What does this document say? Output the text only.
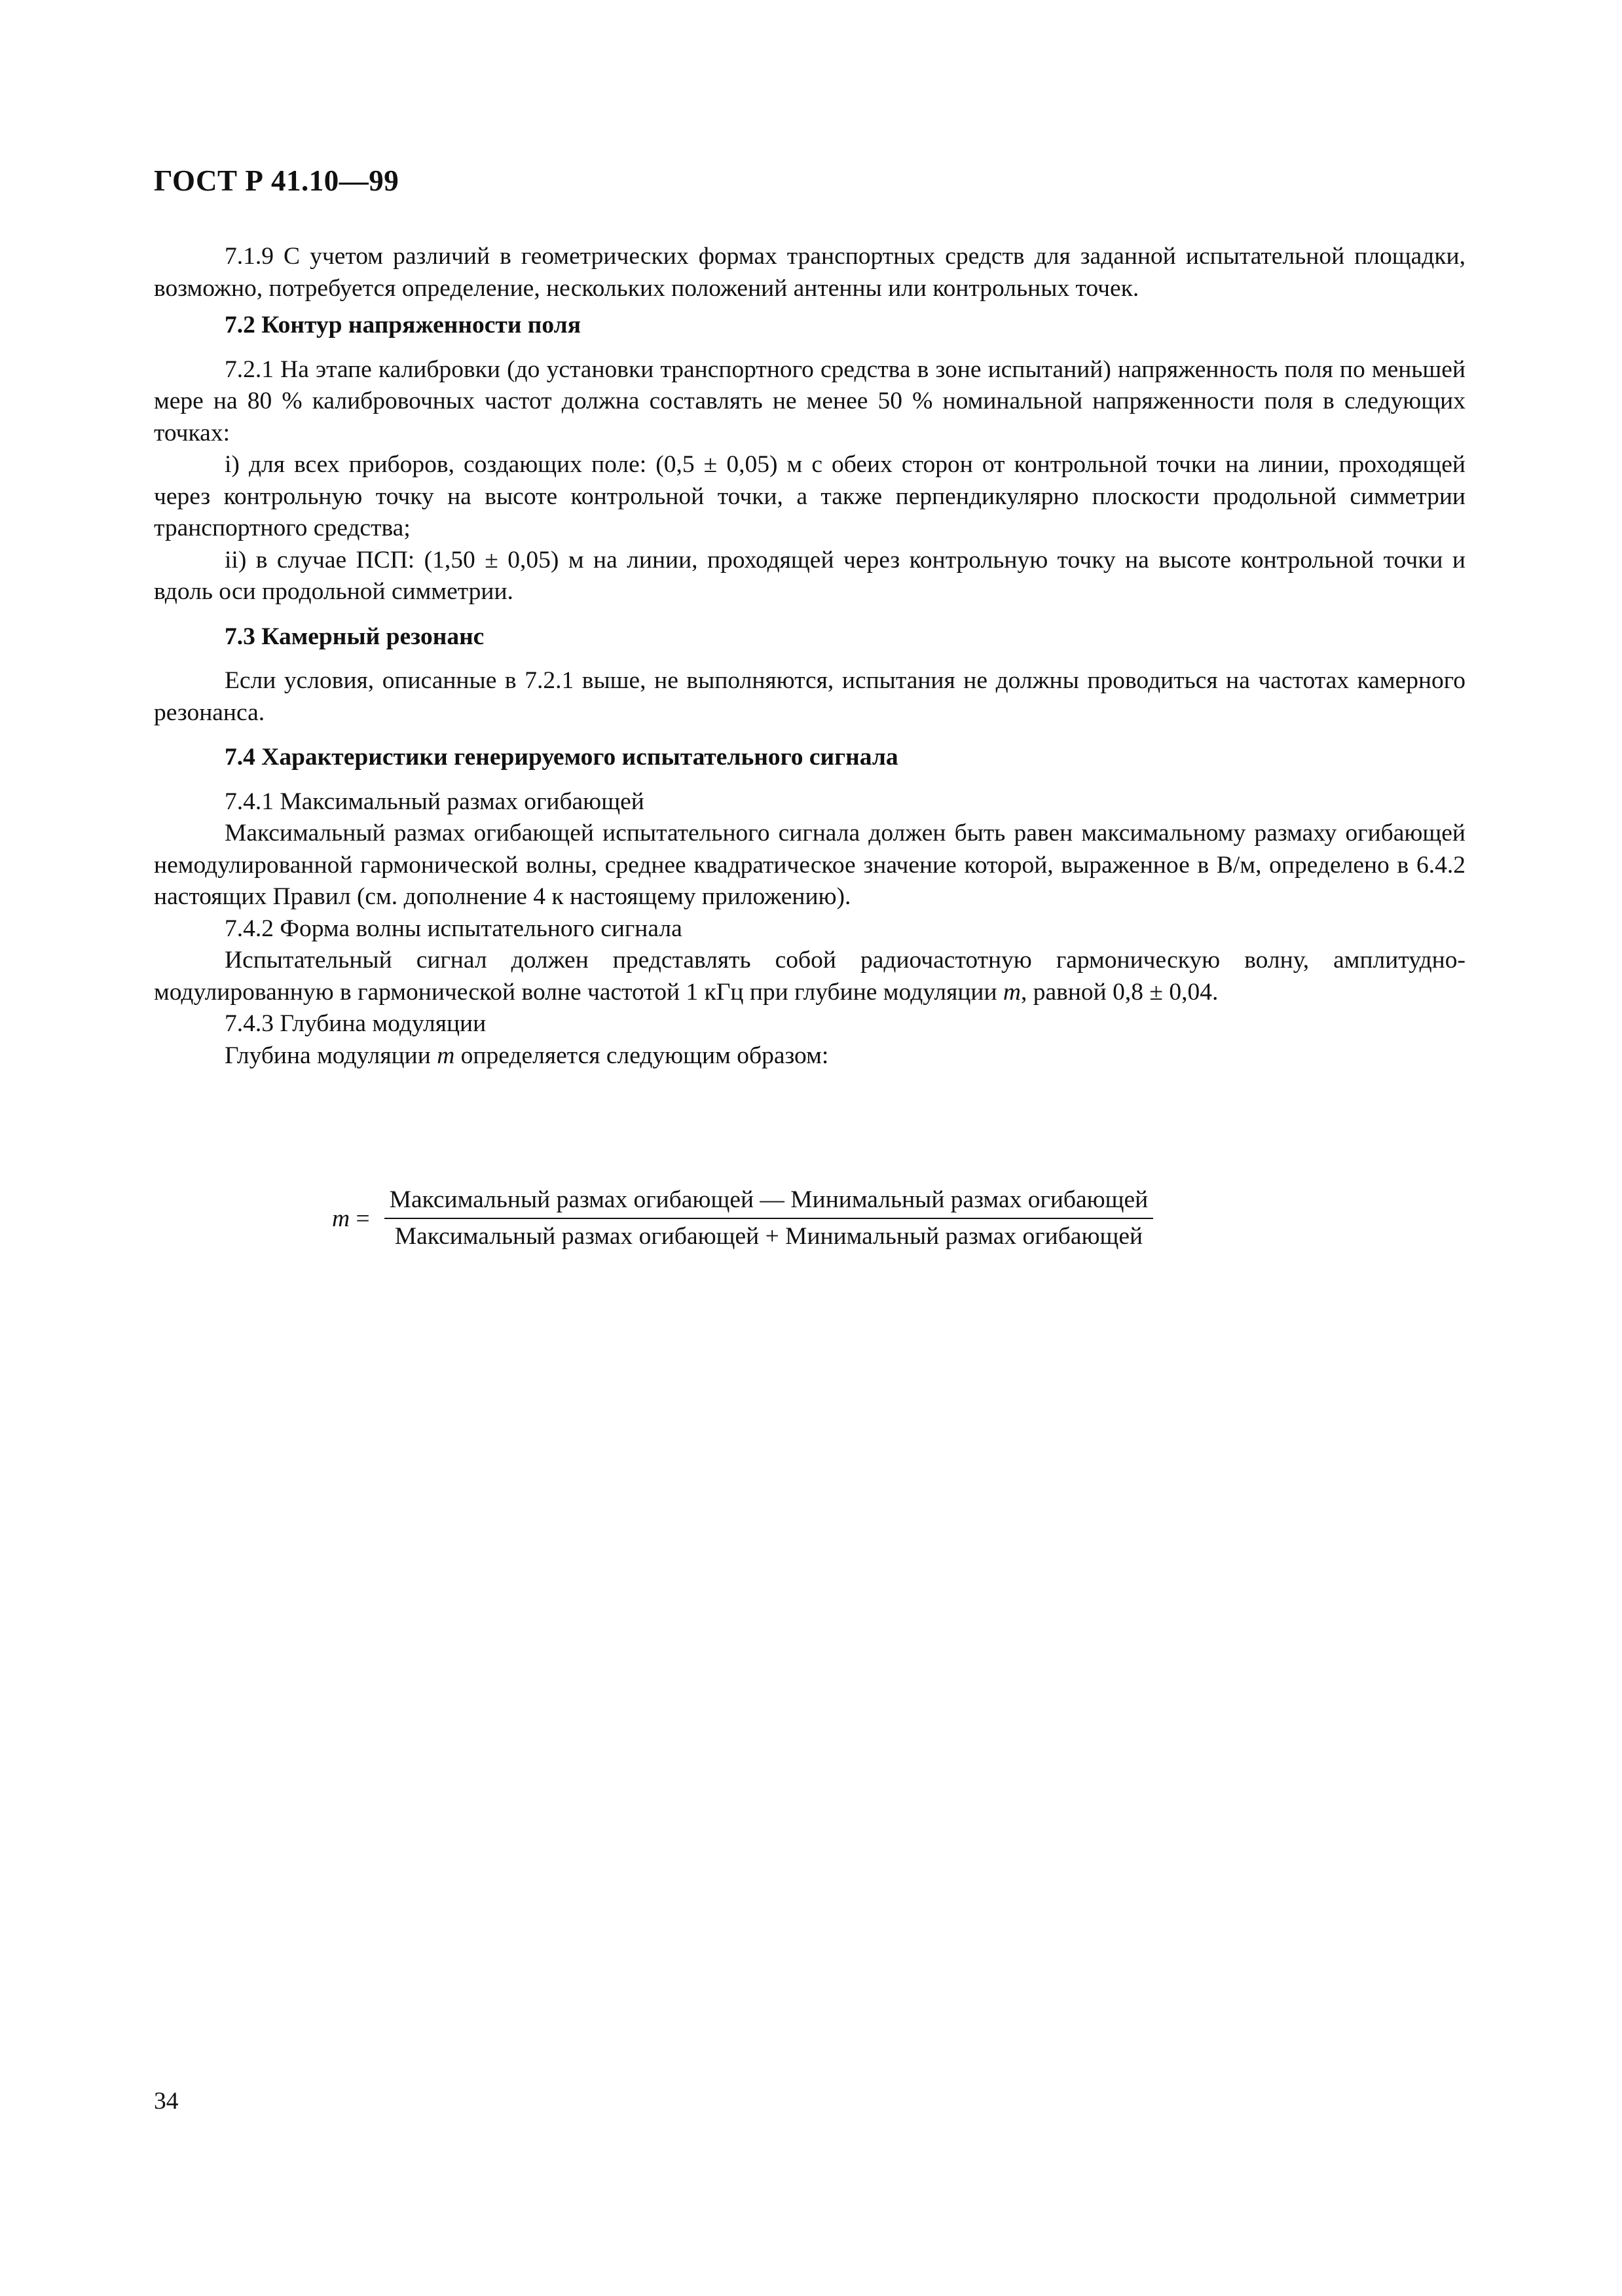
ГОСТ Р 41.10—99

7.1.9 С учетом различий в геометрических формах транспортных средств для заданной испытательной площадки, возможно, потребуется определение, нескольких положений антенны или контрольных точек.

7.2 Контур напряженности поля

7.2.1 На этапе калибровки (до установки транспортного средства в зоне испытаний) напряженность поля по меньшей мере на 80 % калибровочных частот должна составлять не менее 50 % номинальной напряженности поля в следующих точках:

i) для всех приборов, создающих поле: (0,5 ± 0,05) м с обеих сторон от контрольной точки на линии, проходящей через контрольную точку на высоте контрольной точки, а также перпендикулярно плоскости продольной симметрии транспортного средства;

ii) в случае ПСП: (1,50 ± 0,05) м на линии, проходящей через контрольную точку на высоте контрольной точки и вдоль оси продольной симметрии.

7.3 Камерный резонанс

Если условия, описанные в 7.2.1 выше, не выполняются, испытания не должны проводиться на частотах камерного резонанса.

7.4 Характеристики генерируемого испытательного сигнала

7.4.1 Максимальный размах огибающей

Максимальный размах огибающей испытательного сигнала должен быть равен максимальному размаху огибающей немодулированной гармонической волны, среднее квадратическое значение которой, выраженное в В/м, определено в 6.4.2 настоящих Правил (см. дополнение 4 к настоящему приложению).

7.4.2 Форма волны испытательного сигнала

Испытательный сигнал должен представлять собой радиочастотную гармоническую волну, амплитудно-модулированную в гармонической волне частотой 1 кГц при глубине модуляции m, равной 0,8 ± 0,04.

7.4.3 Глубина модуляции

Глубина модуляции m определяется следующим образом:

$m = \frac{\text{Максимальный размах огибающей — Минимальный размах огибающей}}{\text{Максимальный размах огибающей + Минимальный размах огибающей}}$
34
